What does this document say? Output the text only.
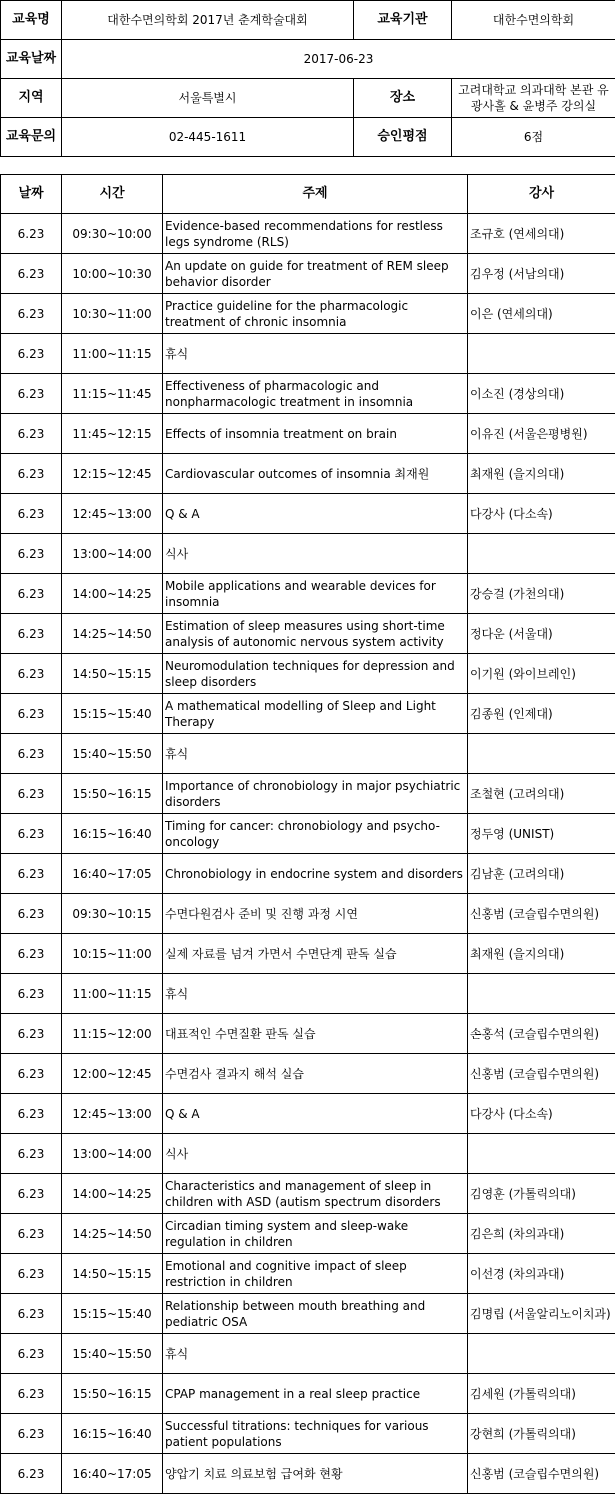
교육명	대한수면의학회 2017년 춘계학술대회	교육기관	대한수면의학회
교육날짜	2017-06-23		
지역	서울특별시	장소	고려대학교 의과대학 본관 유광사홀 & 윤병주 강의실
교육문의	02-445-1611	승인평점	6점
날짜	시간	주제	강사
6.23	09:30~10:00	Evidence-based recommendations for restless legs syndrome (RLS)	조규호 (연세의대)
6.23	10:00~10:30	An update on guide for treatment of REM sleep behavior disorder	김우정 (서남의대)
6.23	10:30~11:00	Practice guideline for the pharmacologic treatment of chronic insomnia	이은 (연세의대)
6.23	11:00~11:15	휴식	
6.23	11:15~11:45	Effectiveness of pharmacologic and nonpharmacologic treatment in insomnia	이소진 (경상의대)
6.23	11:45~12:15	Effects of insomnia treatment on brain	이유진 (서울은평병원)
6.23	12:15~12:45	Cardiovascular outcomes of insomnia 최재원	최재원 (을지의대)
6.23	12:45~13:00	Q & A	다강사 (다소속)
6.23	13:00~14:00	식사	
6.23	14:00~14:25	Mobile applications and wearable devices for insomnia	강승걸 (가천의대)
6.23	14:25~14:50	Estimation of sleep measures using short-time analysis of autonomic nervous system activity	정다운 (서울대)
6.23	14:50~15:15	Neuromodulation techniques for depression and sleep disorders	이기원 (와이브레인)
6.23	15:15~15:40	A mathematical modelling of Sleep and Light Therapy	김종원 (인제대)
6.23	15:40~15:50	휴식	
6.23	15:50~16:15	Importance of chronobiology in major psychiatric disorders	조철현 (고려의대)
6.23	16:15~16:40	Timing for cancer: chronobiology and psycho-oncology	정두영 (UNIST)
6.23	16:40~17:05	Chronobiology in endocrine system and disorders	김남훈 (고려의대)
6.23	09:30~10:15	수면다원검사 준비 및 진행 과정 시연	신홍범 (코슬립수면의원)
6.23	10:15~11:00	실제 자료를 넘겨 가면서 수면단계 판독 실습	최재원 (을지의대)
6.23	11:00~11:15	휴식	
6.23	11:15~12:00	대표적인 수면질환 판독 실습	손홍석 (코슬립수면의원)
6.23	12:00~12:45	수면검사 결과지 해석 실습	신홍범 (코슬립수면의원)
6.23	12:45~13:00	Q & A	다강사 (다소속)
6.23	13:00~14:00	식사	
6.23	14:00~14:25	Characteristics and management of sleep in children with ASD (autism spectrum disorders	김영훈 (가톨릭의대)
6.23	14:25~14:50	Circadian timing system and sleep-wake regulation in children	김은희 (차의과대)
6.23	14:50~15:15	Emotional and cognitive impact of sleep restriction in children	이선경 (차의과대)
6.23	15:15~15:40	Relationship between mouth breathing and pediatric OSA	김명립 (서울알리노이치과)
6.23	15:40~15:50	휴식	
6.23	15:50~16:15	CPAP management in a real sleep practice	김세원 (가톨릭의대)
6.23	16:15~16:40	Successful titrations: techniques for various patient populations	강현희 (가톨릭의대)
6.23	16:40~17:05	양압기 치료 의료보험 급여화 현황	신홍범 (코슬립수면의원)
